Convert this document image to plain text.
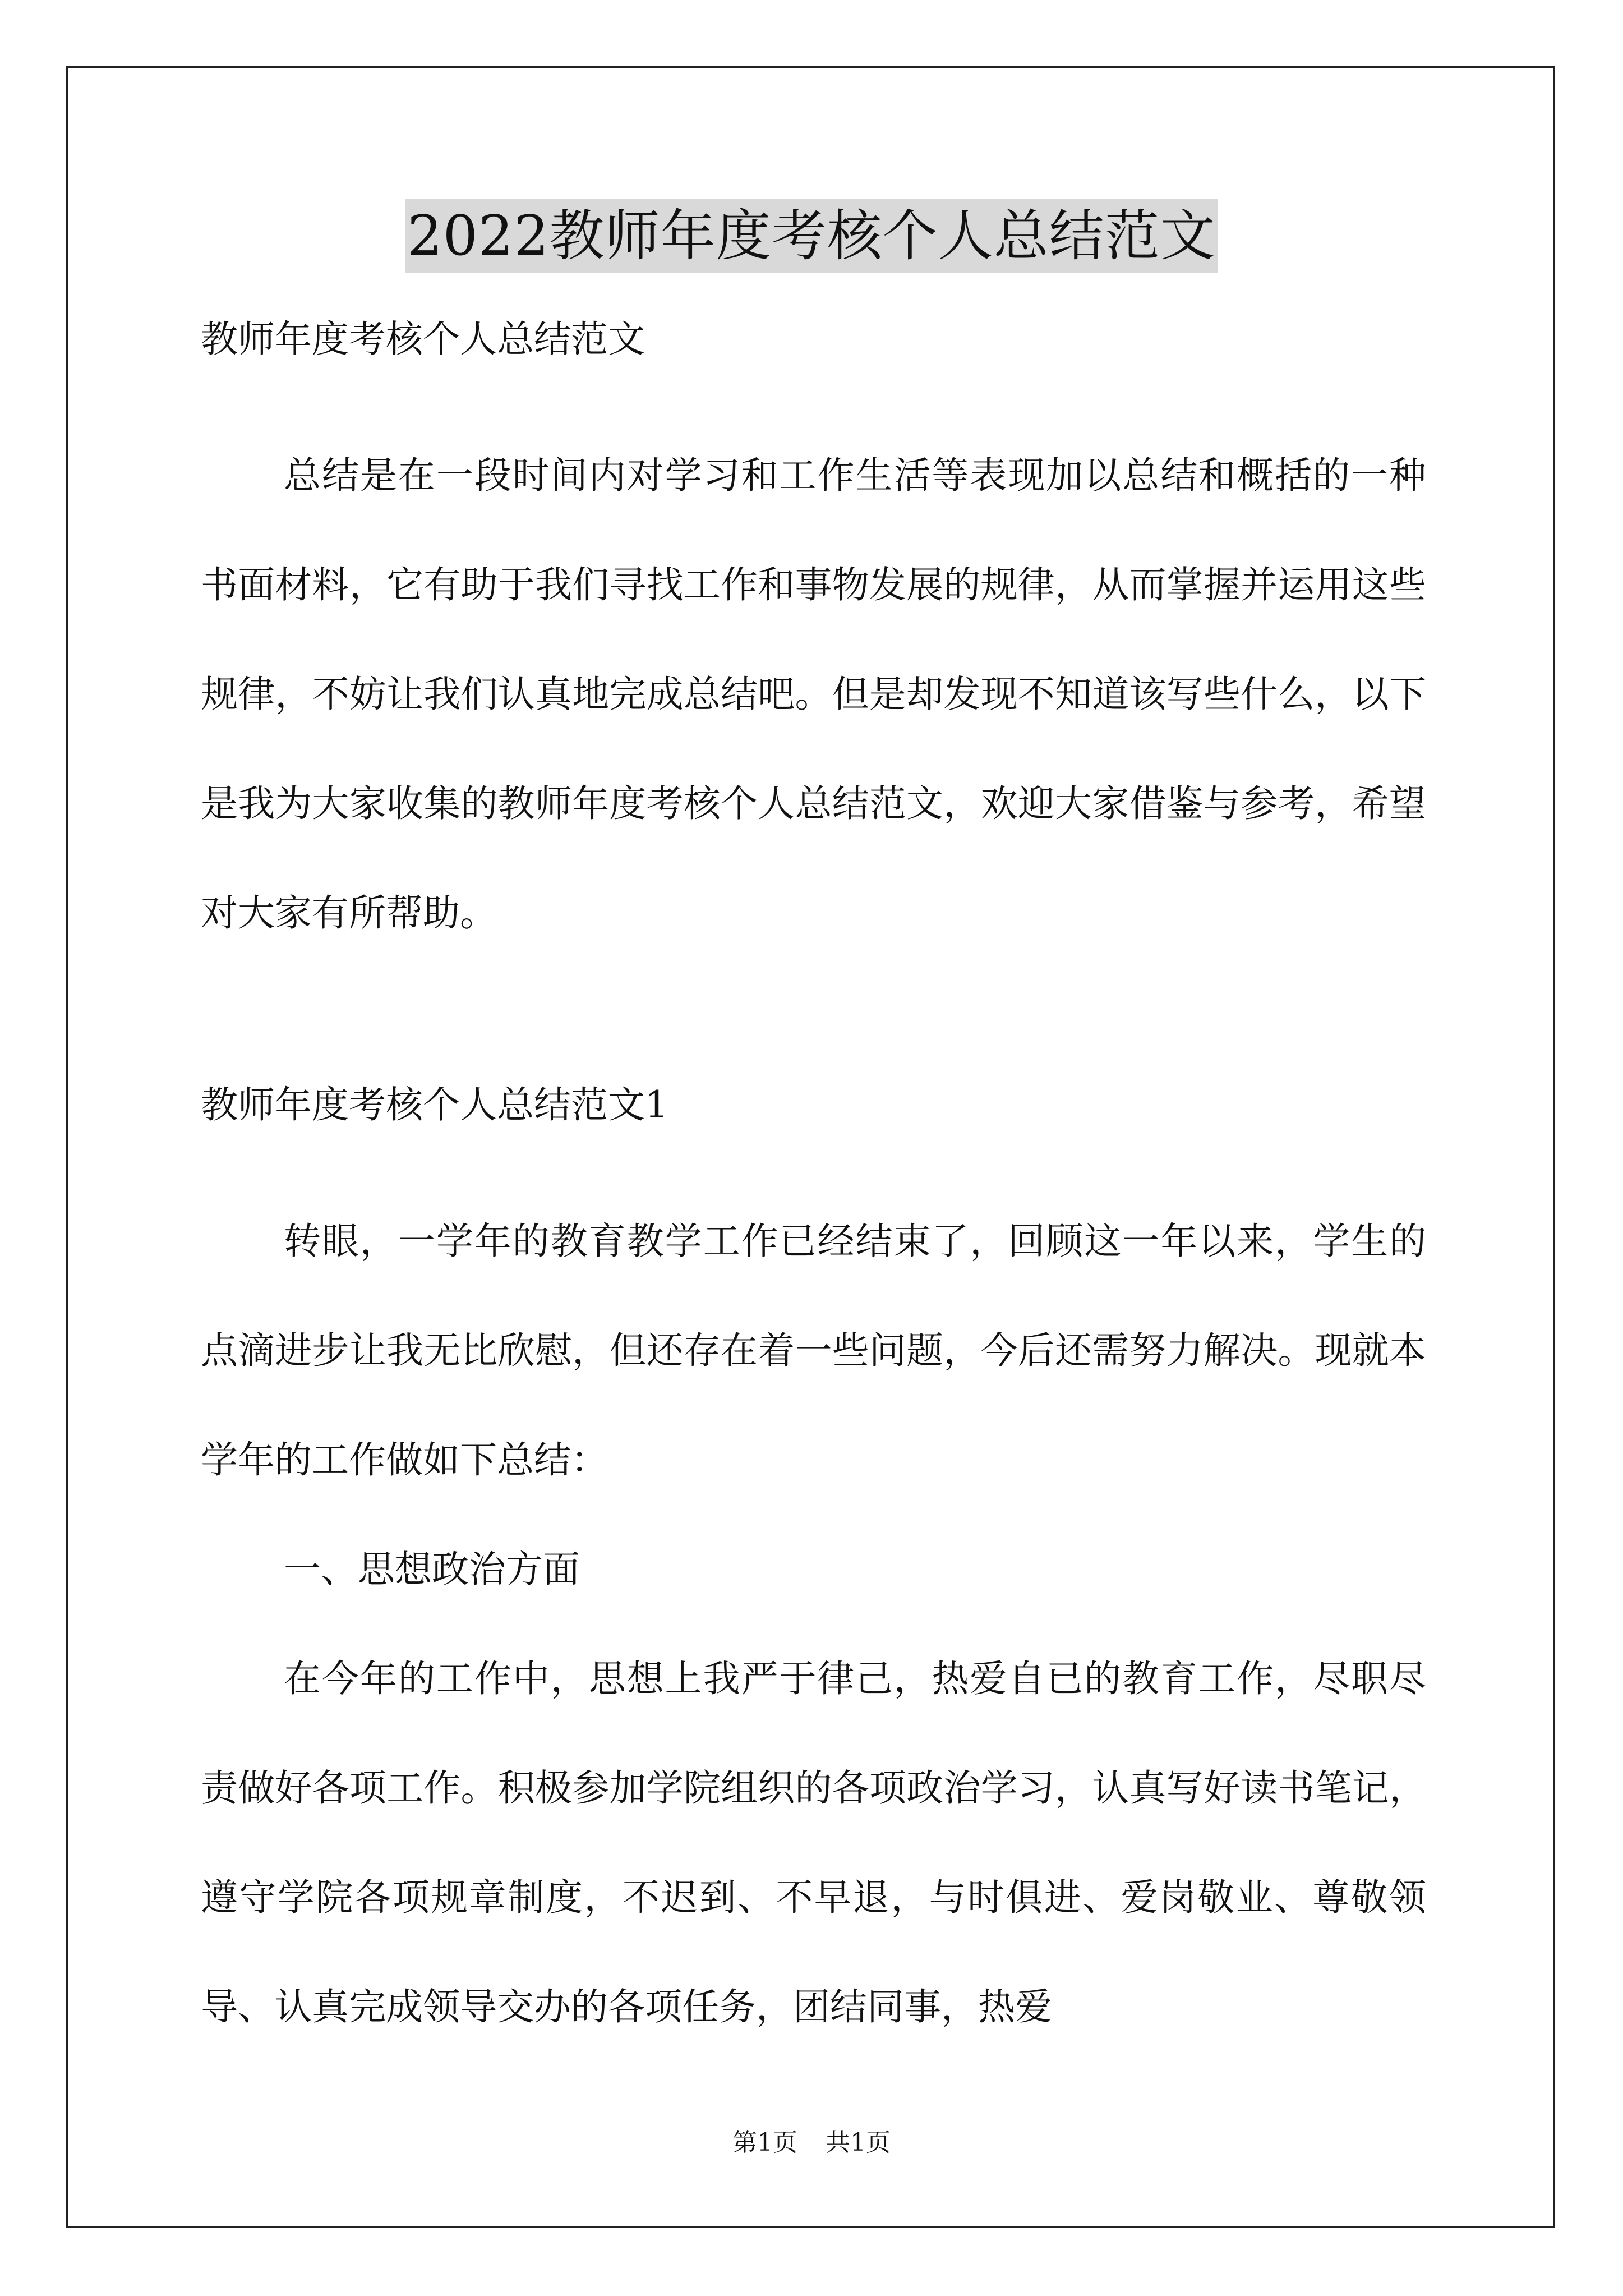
2022教师年度考核个人总结范文

教师年度考核个人总结范文

总结是在一段时间内对学习和工作生活等表现加以总结和概括的一种书面材料，它有助于我们寻找工作和事物发展的规律，从而掌握并运用这些规律，不妨让我们认真地完成总结吧。但是却发现不知道该写些什么，以下是我为大家收集的教师年度考核个人总结范文，欢迎大家借鉴与参考，希望对大家有所帮助。

教师年度考核个人总结范文1

转眼，一学年的教育教学工作已经结束了，回顾这一年以来，学生的点滴进步让我无比欣慰，但还存在着一些问题，今后还需努力解决。现就本学年的工作做如下总结：

一、思想政治方面

在今年的工作中，思想上我严于律己，热爱自已的教育工作，尽职尽责做好各项工作。积极参加学院组织的各项政治学习，认真写好读书笔记，遵守学院各项规章制度，不迟到、不早退，与时俱进、爱岗敬业、尊敬领导、认真完成领导交办的各项任务，团结同事，热爱

第1页 共1页
